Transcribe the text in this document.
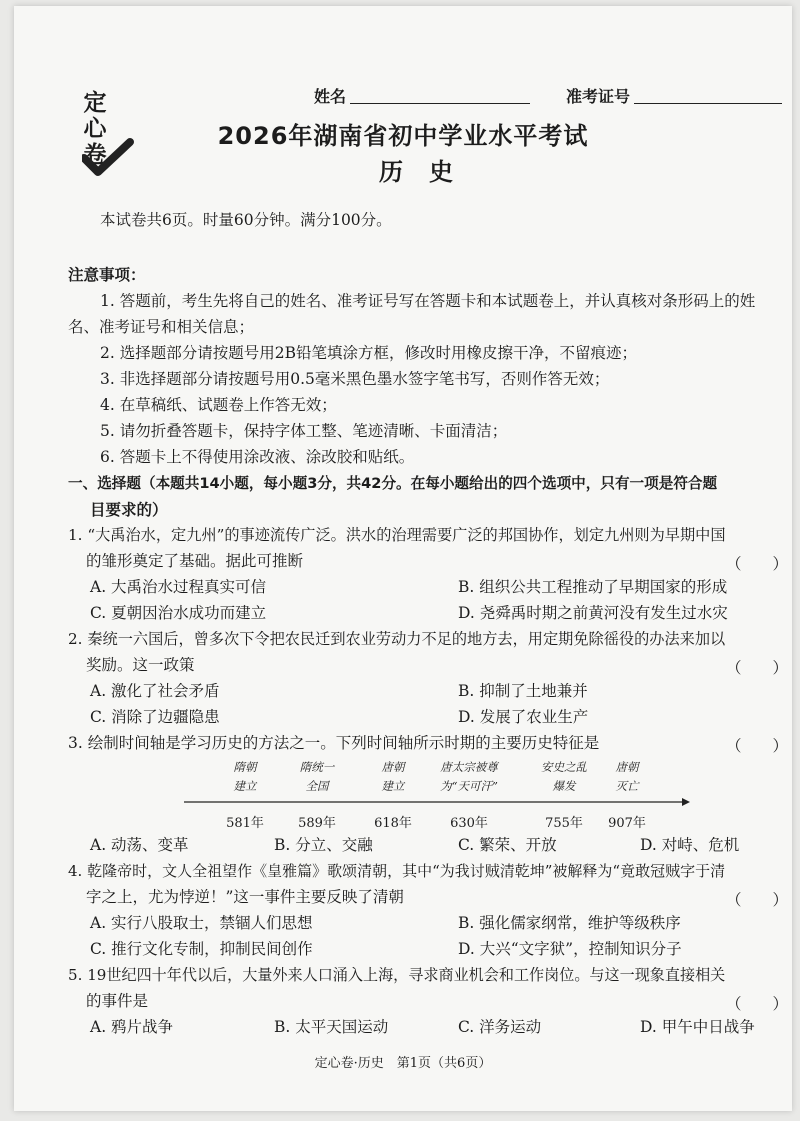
定心卷
姓名	准考证号
2026年湖南省初中学业水平考试
历史
本试卷共6页。时量60分钟。满分100分。
注意事项：
1. 答题前，考生先将自己的姓名、准考证号写在答题卡和本试题卷上，并认真核对条形码上的姓
名、准考证号和相关信息；
2. 选择题部分请按题号用2B铅笔填涂方框，修改时用橡皮擦干净，不留痕迹；
3. 非选择题部分请按题号用0.5毫米黑色墨水签字笔书写，否则作答无效；
4. 在草稿纸、试题卷上作答无效；
5. 请勿折叠答题卡，保持字体工整、笔迹清晰、卡面清洁；
6. 答题卡上不得使用涂改液、涂改胶和贴纸。
一、选择题（本题共14小题，每小题3分，共42分。在每小题给出的四个选项中，只有一项是符合题
目要求的）
1. “大禹治水，定九州”的事迹流传广泛。洪水的治理需要广泛的邦国协作，划定九州则为早期中国
的雏形奠定了基础。据此可推断	（　　）
A. 大禹治水过程真实可信	B. 组织公共工程推动了早期国家的形成
C. 夏朝因治水成功而建立	D. 尧舜禹时期之前黄河没有发生过水灾
2. 秦统一六国后，曾多次下令把农民迁到农业劳动力不足的地方去，用定期免除徭役的办法来加以
奖励。这一政策	（　　）
A. 激化了社会矛盾	B. 抑制了土地兼并
C. 消除了边疆隐患	D. 发展了农业生产
3. 绘制时间轴是学习历史的方法之一。下列时间轴所示时期的主要历史特征是	（　　）
隋朝
建立
隋统一
全国
唐朝
建立
唐太宗被尊
为“天可汗”
安史之乱
爆发
唐朝
灭亡
581年	589年	618年	630年	755年	907年
A. 动荡、变革	B. 分立、交融	C. 繁荣、开放	D. 对峙、危机
4. 乾隆帝时，文人全祖望作《皇雅篇》歌颂清朝，其中“为我讨贼清乾坤”被解释为“竟敢冠贼字于清
字之上，尤为悖逆！”这一事件主要反映了清朝	（　　）
A. 实行八股取士，禁锢人们思想	B. 强化儒家纲常，维护等级秩序
C. 推行文化专制，抑制民间创作	D. 大兴“文字狱”，控制知识分子
5. 19世纪四十年代以后，大量外来人口涌入上海，寻求商业机会和工作岗位。与这一现象直接相关
的事件是	（　　）
A. 鸦片战争	B. 太平天国运动	C. 洋务运动	D. 甲午中日战争
定心卷·历史　第1页（共6页）
